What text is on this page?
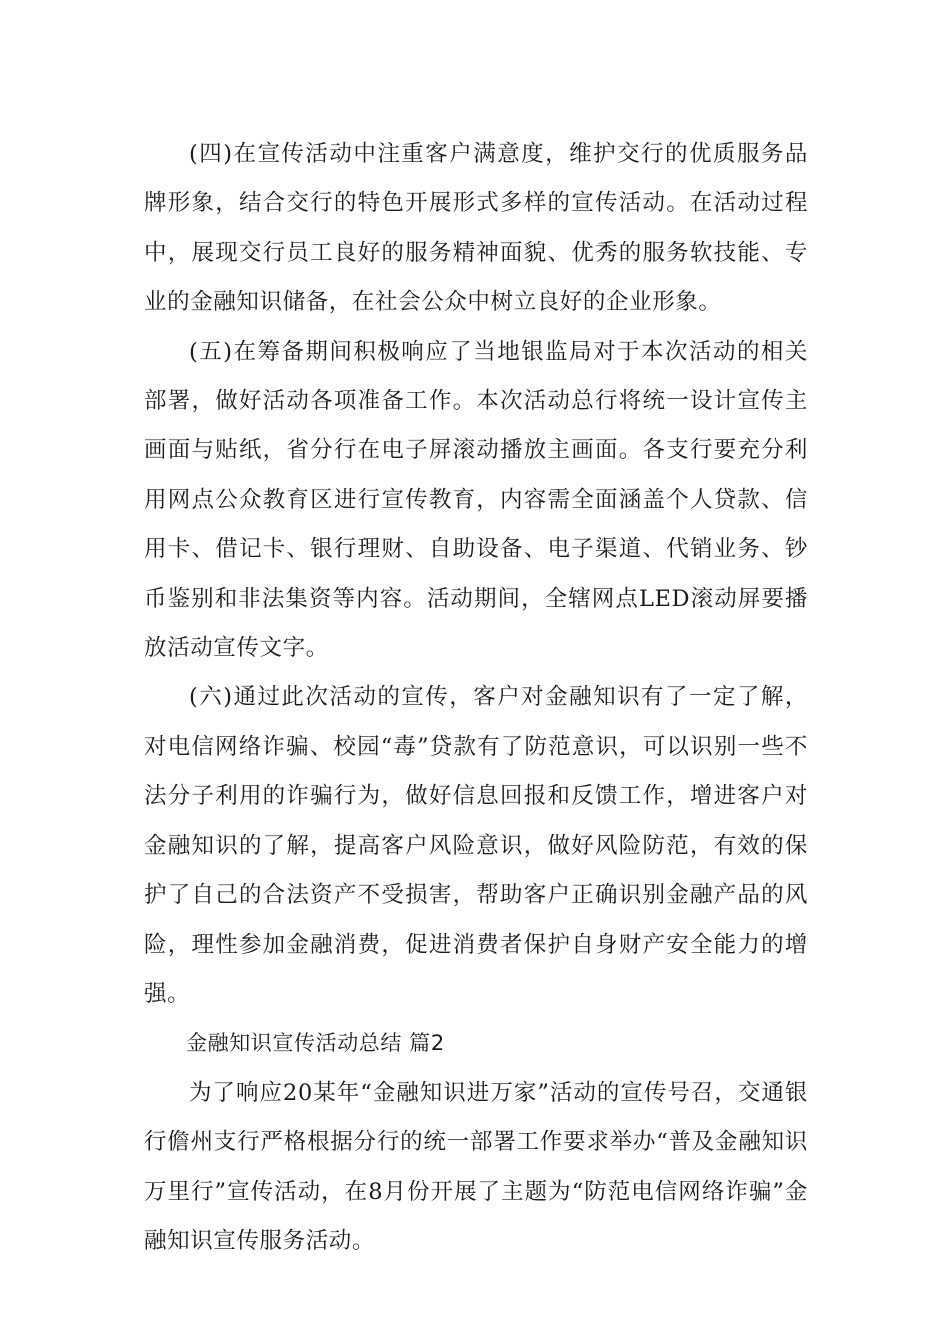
(四)在宣传活动中注重客户满意度，维护交行的优质服务品牌形象，结合交行的特色开展形式多样的宣传活动。在活动过程中，展现交行员工良好的服务精神面貌、优秀的服务软技能、专业的金融知识储备，在社会公众中树立良好的企业形象。

(五)在筹备期间积极响应了当地银监局对于本次活动的相关部署，做好活动各项准备工作。本次活动总行将统一设计宣传主画面与贴纸，省分行在电子屏滚动播放主画面。各支行要充分利用网点公众教育区进行宣传教育，内容需全面涵盖个人贷款、信用卡、借记卡、银行理财、自助设备、电子渠道、代销业务、钞币鉴别和非法集资等内容。活动期间，全辖网点LED滚动屏要播放活动宣传文字。

(六)通过此次活动的宣传，客户对金融知识有了一定了解，对电信网络诈骗、校园“毒”贷款有了防范意识，可以识别一些不法分子利用的诈骗行为，做好信息回报和反馈工作，增进客户对金融知识的了解，提高客户风险意识，做好风险防范，有效的保护了自己的合法资产不受损害，帮助客户正确识别金融产品的风险，理性参加金融消费，促进消费者保护自身财产安全能力的增强。

金融知识宣传活动总结 篇2

为了响应20某年“金融知识进万家”活动的宣传号召，交通银行儋州支行严格根据分行的统一部署工作要求举办“普及金融知识万里行”宣传活动，在8月份开展了主题为“防范电信网络诈骗”金融知识宣传服务活动。
